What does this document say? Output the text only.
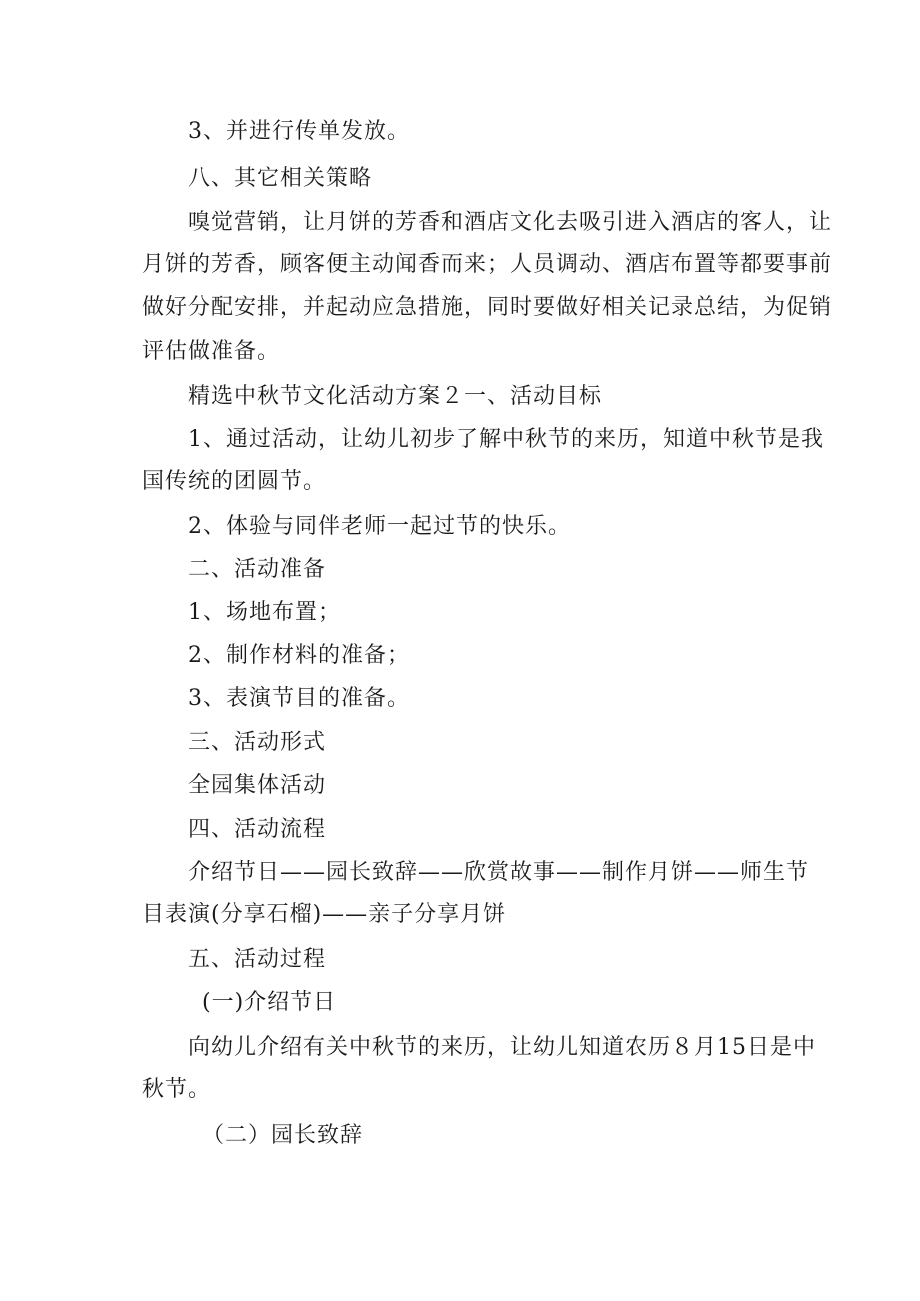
3、并进行传单发放。
八、其它相关策略
嗅觉营销，让月饼的芳香和酒店文化去吸引进入酒店的客人，让
月饼的芳香，顾客便主动闻香而来；人员调动、酒店布置等都要事前
做好分配安排，并起动应急措施，同时要做好相关记录总结，为促销
评估做准备。
精选中秋节文化活动方案２一、活动目标
1、通过活动，让幼儿初步了解中秋节的来历，知道中秋节是我
国传统的团圆节。
2、体验与同伴老师一起过节的快乐。
二、活动准备
1、场地布置；
2、制作材料的准备；
3、表演节目的准备。
三、活动形式
全园集体活动
四、活动流程
介绍节日——园长致辞——欣赏故事——制作月饼——师生节
目表演(分享石榴)——亲子分享月饼
五、活动过程
(一)介绍节日
向幼儿介绍有关中秋节的来历，让幼儿知道农历８月15日是中
秋节。
（二）园长致辞
